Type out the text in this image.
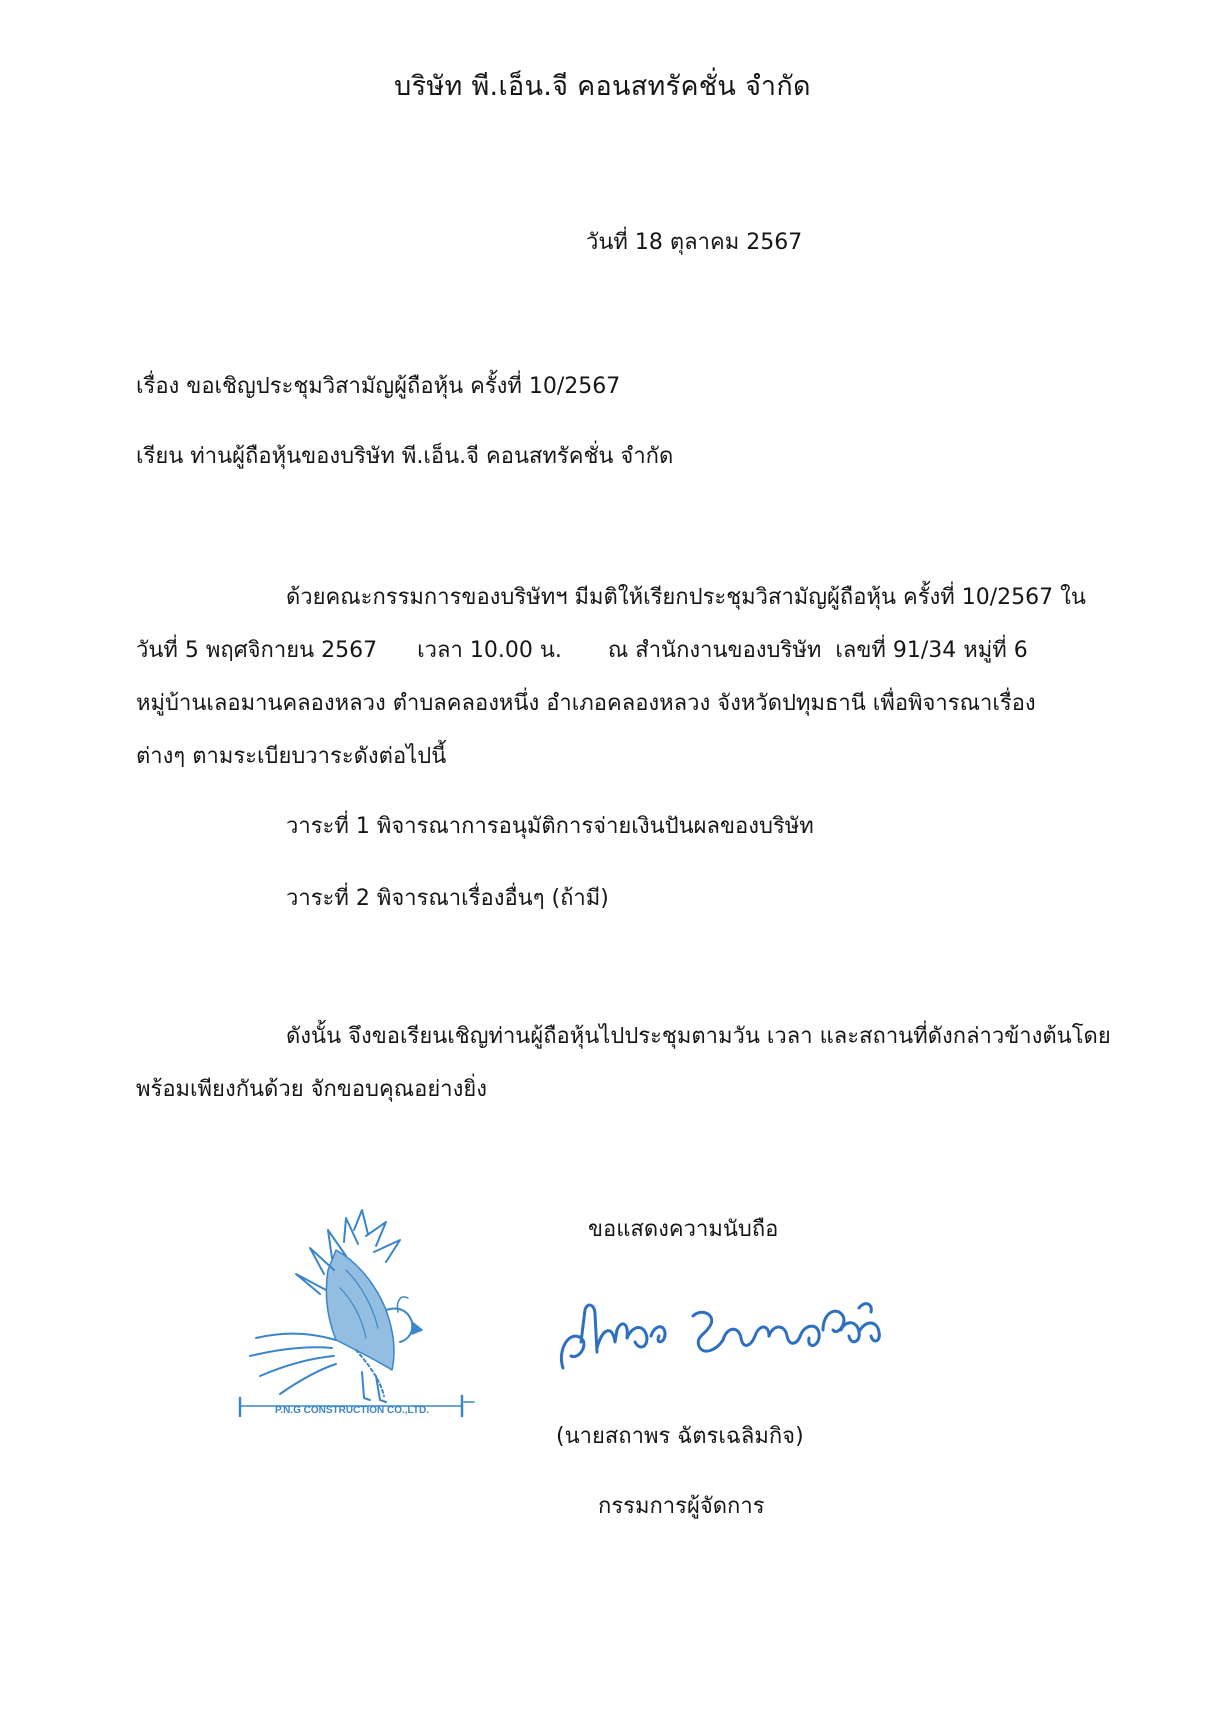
บริษัท พี.เอ็น.จี คอนสทรัคชั่น จำกัด
วันที่ 18 ตุลาคม 2567
เรื่อง ขอเชิญประชุมวิสามัญผู้ถือหุ้น ครั้งที่ 10/2567
เรียน ท่านผู้ถือหุ้นของบริษัท พี.เอ็น.จี คอนสทรัคชั่น จำกัด
ด้วยคณะกรรมการของบริษัทฯ มีมติให้เรียกประชุมวิสามัญผู้ถือหุ้น ครั้งที่ 10/2567 ใน
วันที่ 5 พฤศจิกายน 2567 เวลา 10.00 น. ณ สำนักงานของบริษัท เลขที่ 91/34 หมู่ที่ 6
หมู่บ้านเลอมานคลองหลวง ตำบลคลองหนึ่ง อำเภอคลองหลวง จังหวัดปทุมธานี เพื่อพิจารณาเรื่อง
ต่างๆ ตามระเบียบวาระดังต่อไปนี้
วาระที่ 1 พิจารณาการอนุมัติการจ่ายเงินปันผลของบริษัท
วาระที่ 2 พิจารณาเรื่องอื่นๆ (ถ้ามี)
ดังนั้น จึงขอเรียนเชิญท่านผู้ถือหุ้นไปประชุมตามวัน เวลา และสถานที่ดังกล่าวข้างต้นโดย
พร้อมเพียงกันด้วย จักขอบคุณอย่างยิ่ง
ขอแสดงความนับถือ
P.N.G CONSTRUCTION CO.,LTD.
สถาพร ฉัตรเฉลิมกิจ
(นายสถาพร ฉัตรเฉลิมกิจ)
กรรมการผู้จัดการ
